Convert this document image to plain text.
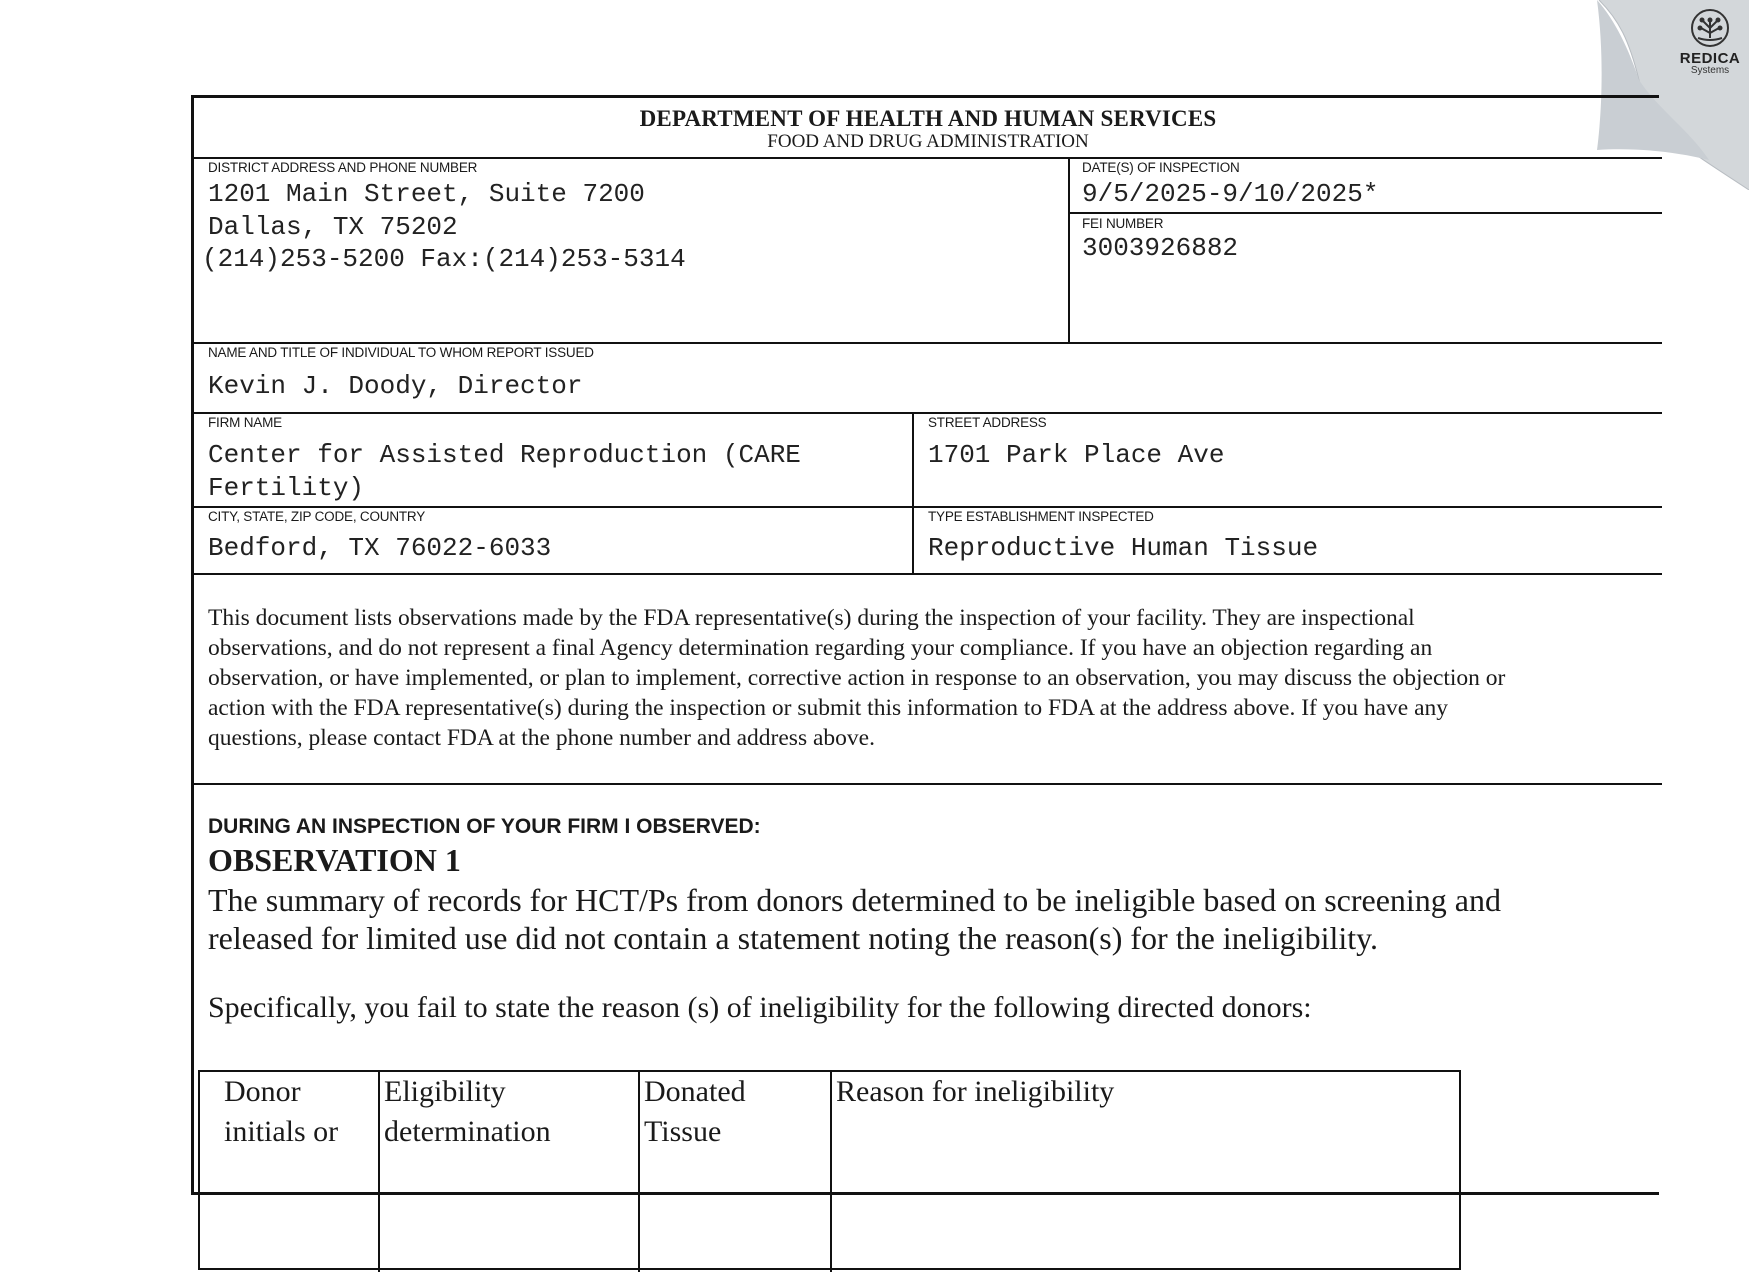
REDICA
Systems
DEPARTMENT OF HEALTH AND HUMAN SERVICES
FOOD AND DRUG ADMINISTRATION
DISTRICT ADDRESS AND PHONE NUMBER
1201 Main Street, Suite 7200
Dallas, TX 75202
(214)253-5200 Fax:(214)253-5314
DATE(S) OF INSPECTION
9/5/2025-9/10/2025*
FEI NUMBER
3003926882
NAME AND TITLE OF INDIVIDUAL TO WHOM REPORT ISSUED
Kevin J. Doody, Director
FIRM NAME
Center for Assisted Reproduction (CARE
Fertility)
STREET ADDRESS
1701 Park Place Ave
CITY, STATE, ZIP CODE, COUNTRY
Bedford, TX 76022-6033
TYPE ESTABLISHMENT INSPECTED
Reproductive Human Tissue
This document lists observations made by the FDA representative(s) during the inspection of your facility. They are inspectional
observations, and do not represent a final Agency determination regarding your compliance. If you have an objection regarding an
observation, or have implemented, or plan to implement, corrective action in response to an observation, you may discuss the objection or
action with the FDA representative(s) during the inspection or submit this information to FDA at the address above. If you have any
questions, please contact FDA at the phone number and address above.
DURING AN INSPECTION OF YOUR FIRM I OBSERVED:
OBSERVATION 1
The summary of records for HCT/Ps from donors determined to be ineligible based on screening and
released for limited use did not contain a statement noting the reason(s) for the ineligibility.
Specifically, you fail to state the reason (s) of ineligibility for the following directed donors:
Donor
initials or
Eligibility
determination
Donated
Tissue
Reason for ineligibility
